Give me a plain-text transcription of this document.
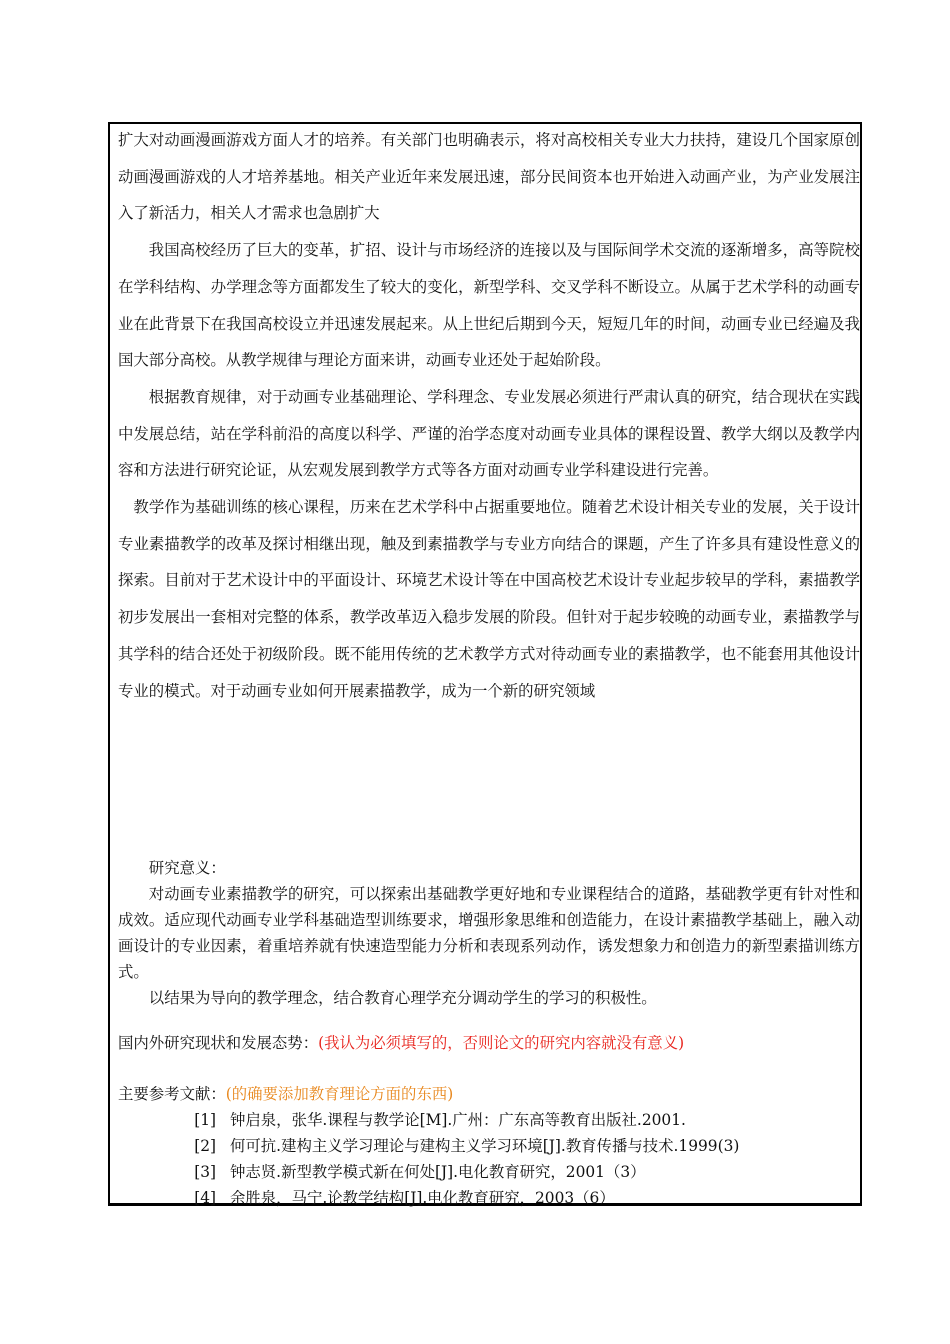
扩大对动画漫画游戏方面人才的培养。有关部门也明确表示，将对高校相关专业大力扶持，建设几个国家原创动画漫画游戏的人才培养基地。相关产业近年来发展迅速，部分民间资本也开始进入动画产业，为产业发展注入了新活力，相关人才需求也急剧扩大

我国高校经历了巨大的变革，扩招、设计与市场经济的连接以及与国际间学术交流的逐渐增多，高等院校在学科结构、办学理念等方面都发生了较大的变化，新型学科、交叉学科不断设立。从属于艺术学科的动画专业在此背景下在我国高校设立并迅速发展起来。从上世纪后期到今天，短短几年的时间，动画专业已经遍及我国大部分高校。从教学规律与理论方面来讲，动画专业还处于起始阶段。

根据教育规律，对于动画专业基础理论、学科理念、专业发展必须进行严肃认真的研究，结合现状在实践中发展总结，站在学科前沿的高度以科学、严谨的治学态度对动画专业具体的课程设置、教学大纲以及教学内容和方法进行研究论证，从宏观发展到教学方式等各方面对动画专业学科建设进行完善。

教学作为基础训练的核心课程，历来在艺术学科中占据重要地位。随着艺术设计相关专业的发展，关于设计专业素描教学的改革及探讨相继出现，触及到素描教学与专业方向结合的课题，产生了许多具有建设性意义的探索。目前对于艺术设计中的平面设计、环境艺术设计等在中国高校艺术设计专业起步较早的学科，素描教学初步发展出一套相对完整的体系，教学改革迈入稳步发展的阶段。但针对于起步较晚的动画专业，素描教学与其学科的结合还处于初级阶段。既不能用传统的艺术教学方式对待动画专业的素描教学，也不能套用其他设计专业的模式。对于动画专业如何开展素描教学，成为一个新的研究领域

研究意义：

对动画专业素描教学的研究，可以探索出基础教学更好地和专业课程结合的道路，基础教学更有针对性和成效。适应现代动画专业学科基础造型训练要求，增强形象思维和创造能力，在设计素描教学基础上，融入动画设计的专业因素，着重培养就有快速造型能力分析和表现系列动作，诱发想象力和创造力的新型素描训练方式。

以结果为导向的教学理念，结合教育心理学充分调动学生的学习的积极性。

国内外研究现状和发展态势：(我认为必须填写的，否则论文的研究内容就没有意义)

主要参考文献：(的确要添加教育理论方面的东西)

[1] 钟启泉，张华.课程与教学论[M].广州：广东高等教育出版社.2001.
[2] 何可抗.建构主义学习理论与建构主义学习环境[J].教育传播与技术.1999(3)
[3] 钟志贤.新型教学模式新在何处[J].电化教育研究，2001（3）
[4] 余胜泉，马宁.论教学结构[J].电化教育研究，2003（6）
